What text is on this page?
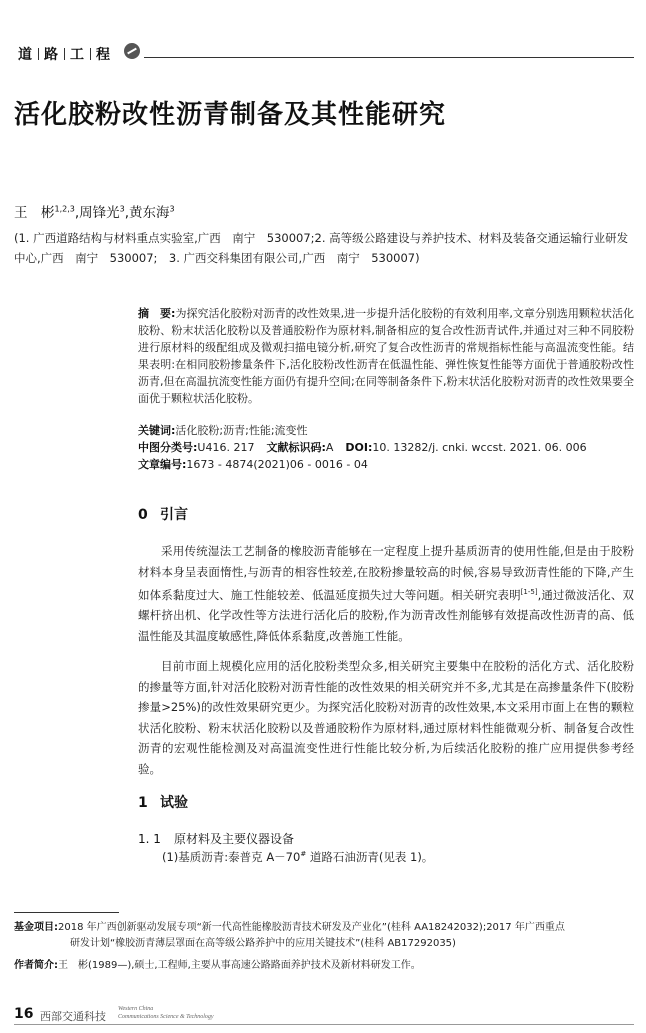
道 路 工 程
活化胶粉改性沥青制备及其性能研究
王　彬$^{1,2,3}$,周锋光$^3$,黄东海$^3$
(1. 广西道路结构与材料重点实验室,广西　南宁　530007;2. 高等级公路建设与养护技术、材料及装备交通运输行业研发中心,广西　南宁　530007;　3. 广西交科集团有限公司,广西　南宁　530007)
摘　要:为探究活化胶粉对沥青的改性效果,进一步提升活化胶粉的有效利用率,文章分别选用颗粒状活化胶粉、粉末状活化胶粉以及普通胶粉作为原材料,制备相应的复合改性沥青试件,并通过对三种不同胶粉进行原材料的级配组成及微观扫描电镜分析,研究了复合改性沥青的常规指标性能与高温流变性能。结果表明:在相同胶粉掺量条件下,活化胶粉改性沥青在低温性能、弹性恢复性能等方面优于普通胶粉改性沥青,但在高温抗流变性能方面仍有提升空间;在同等制备条件下,粉末状活化胶粉对沥青的改性效果要全面优于颗粒状活化胶粉。
关键词:活化胶粉;沥青;性能;流变性
中图分类号:U416. 217 文献标识码:A DOI:10. 13282/j. cnki. wccst. 2021. 06. 006
文章编号:1673 - 4874(2021)06 - 0016 - 04
0 引言
采用传统湿法工艺制备的橡胶沥青能够在一定程度上提升基质沥青的使用性能,但是由于胶粉材料本身呈表面惰性,与沥青的相容性较差,在胶粉掺量较高的时候,容易导致沥青性能的下降,产生如体系黏度过大、施工性能较差、低温延度损失过大等问题。相关研究表明[1-5],通过微波活化、双螺杆挤出机、化学改性等方法进行活化后的胶粉,作为沥青改性剂能够有效提高改性沥青的高、低温性能及其温度敏感性,降低体系黏度,改善施工性能。
目前市面上规模化应用的活化胶粉类型众多,相关研究主要集中在胶粉的活化方式、活化胶粉的掺量等方面,针对活化胶粉对沥青性能的改性效果的相关研究并不多,尤其是在高掺量条件下(胶粉掺量>25%)的改性效果研究更少。为探究活化胶粉对沥青的改性效果,本文采用市面上在售的颗粒状活化胶粉、粉末状活化胶粉以及普通胶粉作为原材料,通过原材料性能微观分析、制备复合改性沥青的宏观性能检测及对高温流变性进行性能比较分析,为后续活化胶粉的推广应用提供参考经验。
1 试验
1. 1 原材料及主要仪器设备
(1)基质沥青:泰普克 A－70# 道路石油沥青(见表 1)。
基金项目:2018 年广西创新驱动发展专项“新一代高性能橡胶沥青技术研发及产业化”(桂科 AA18242032);2017 年广西重点
研发计划“橡胶沥青薄层罩面在高等级公路养护中的应用关键技术”(桂科 AB17292035)
作者简介:王　彬(1989—),硕士,工程师,主要从事高速公路路面养护技术及新材料研发工作。
16 西部交通科技
Western China
Communications Science & Technology
